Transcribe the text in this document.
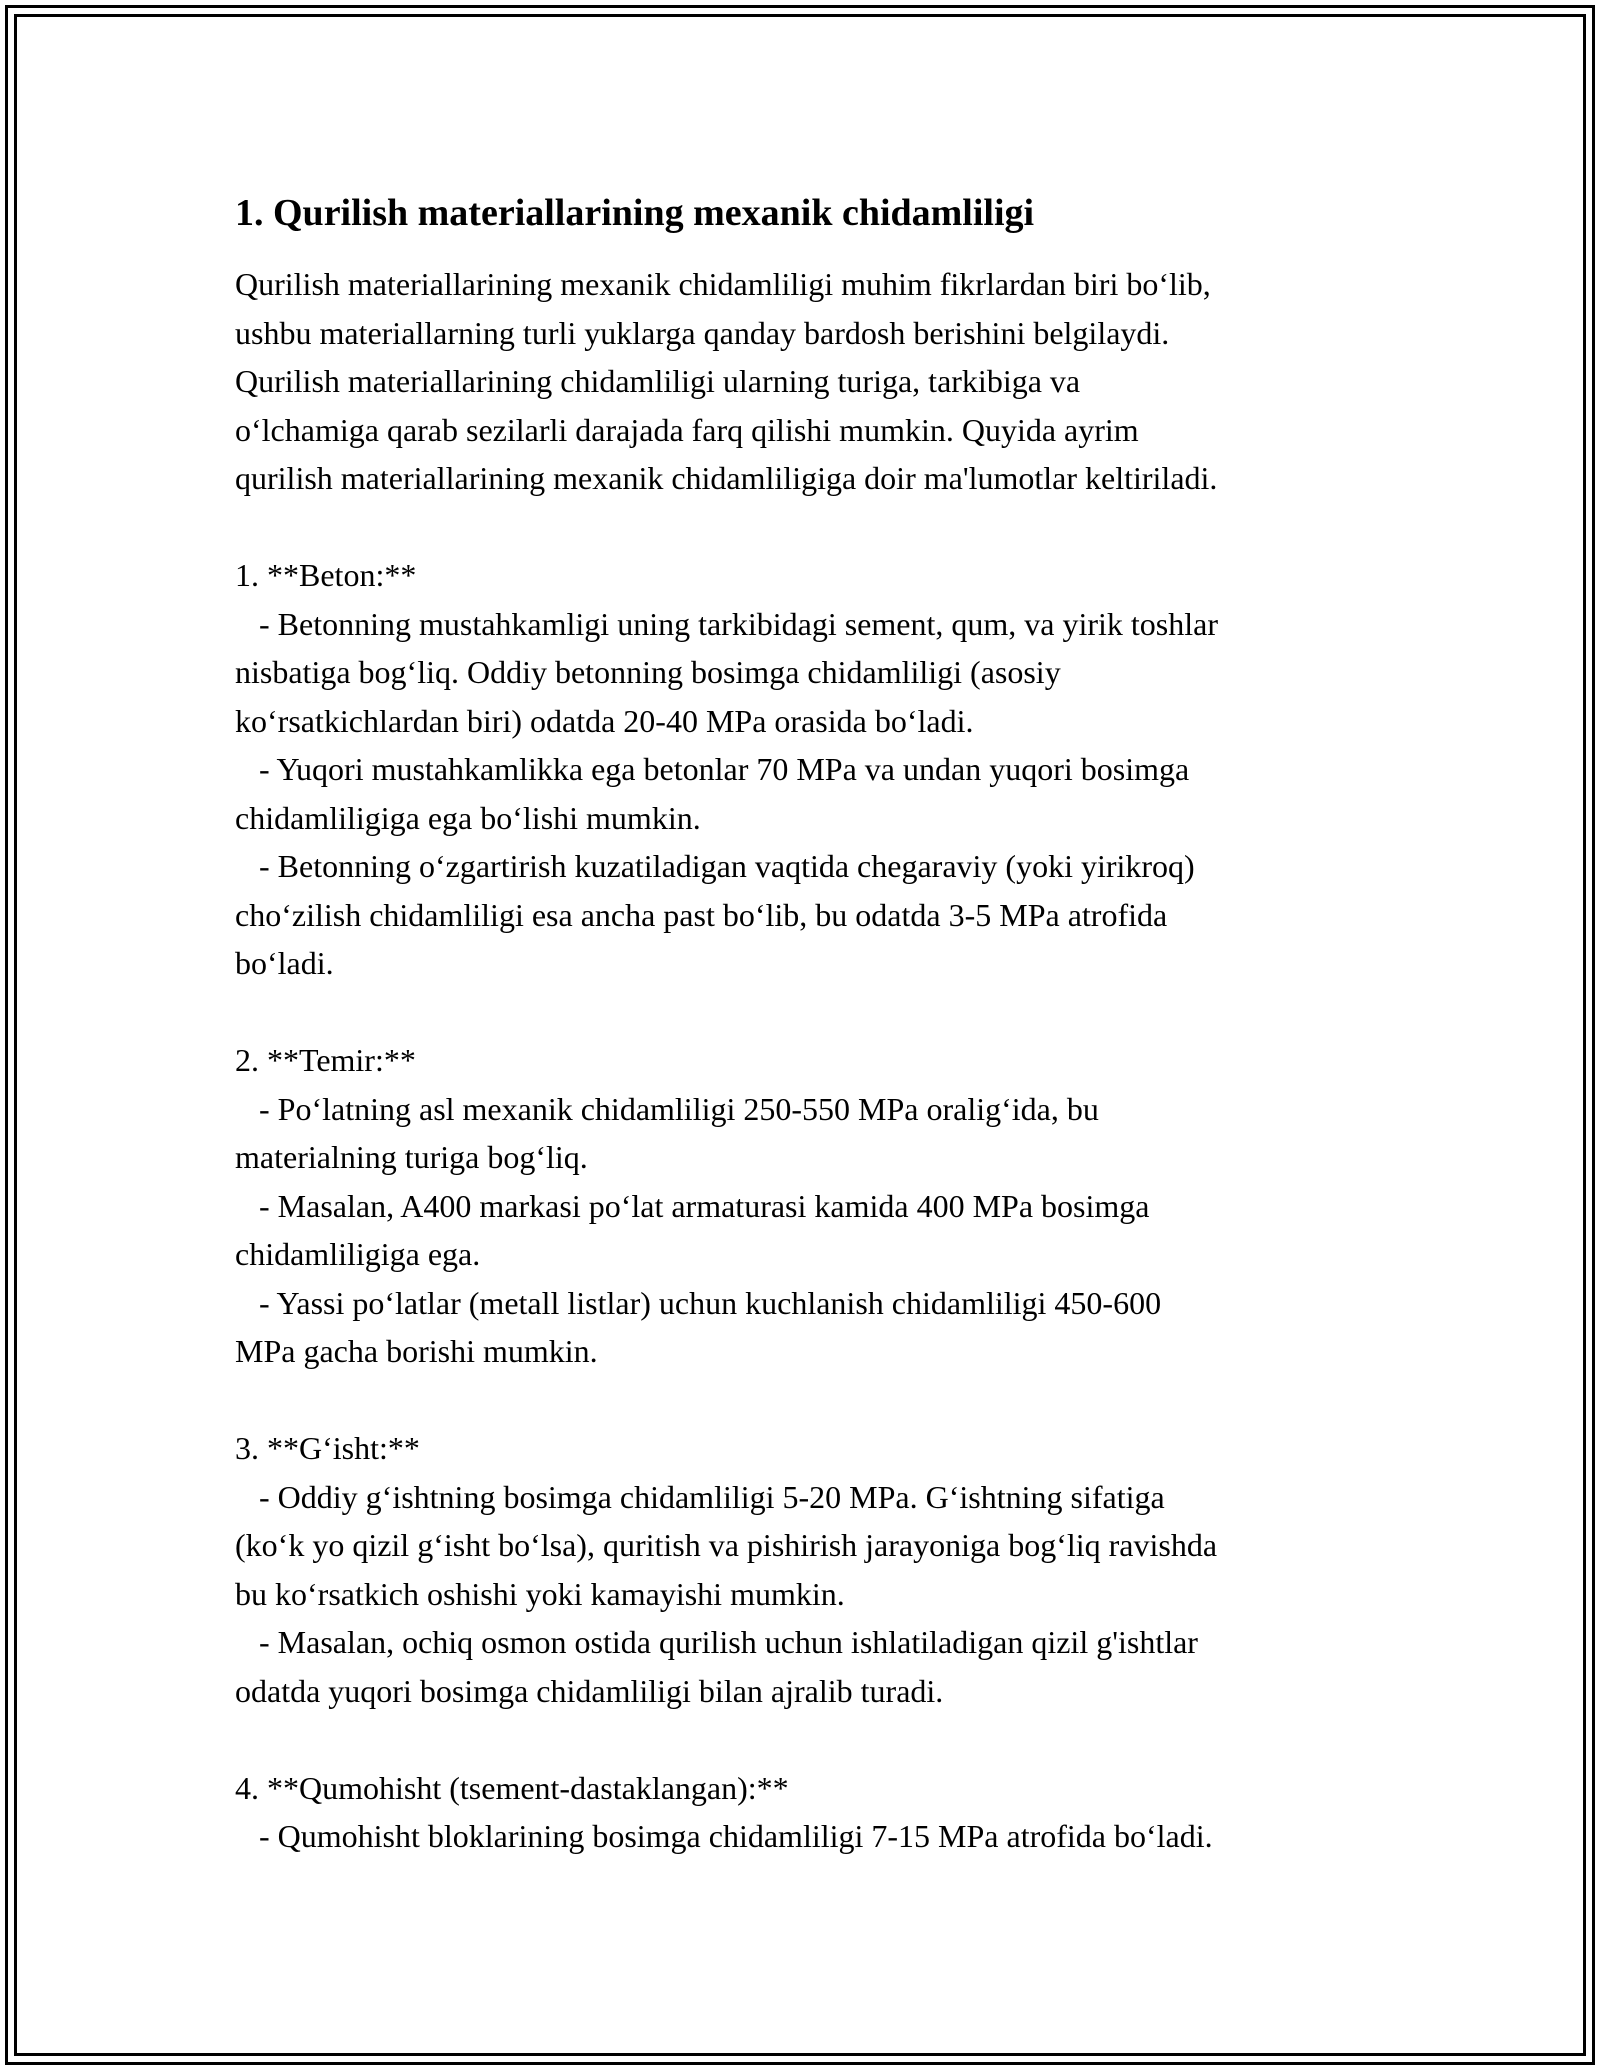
1. Qurilish materiallarining mexanik chidamliligi

Qurilish materiallarining mexanik chidamliligi muhim fikrlardan biri bo‘lib,
ushbu materiallarning turli yuklarga qanday bardosh berishini belgilaydi.
Qurilish materiallarining chidamliligi ularning turiga, tarkibiga va
o‘lchamiga qarab sezilarli darajada farq qilishi mumkin. Quyida ayrim
qurilish materiallarining mexanik chidamliligiga doir ma'lumotlar keltiriladi.

1. **Beton:**
- Betonning mustahkamligi uning tarkibidagi sement, qum, va yirik toshlar
nisbatiga bog‘liq. Oddiy betonning bosimga chidamliligi (asosiy
ko‘rsatkichlardan biri) odatda 20-40 MPa orasida bo‘ladi.
- Yuqori mustahkamlikka ega betonlar 70 MPa va undan yuqori bosimga
chidamliligiga ega bo‘lishi mumkin.
- Betonning o‘zgartirish kuzatiladigan vaqtida chegaraviy (yoki yirikroq)
cho‘zilish chidamliligi esa ancha past bo‘lib, bu odatda 3-5 MPa atrofida
bo‘ladi.

2. **Temir:**
- Po‘latning asl mexanik chidamliligi 250-550 MPa oralig‘ida, bu
materialning turiga bog‘liq.
- Masalan, A400 markasi po‘lat armaturasi kamida 400 MPa bosimga
chidamliligiga ega.
- Yassi po‘latlar (metall listlar) uchun kuchlanish chidamliligi 450-600
MPa gacha borishi mumkin.

3. **G‘isht:**
- Oddiy g‘ishtning bosimga chidamliligi 5-20 MPa. G‘ishtning sifatiga
(ko‘k yo qizil g‘isht bo‘lsa), quritish va pishirish jarayoniga bog‘liq ravishda
bu ko‘rsatkich oshishi yoki kamayishi mumkin.
- Masalan, ochiq osmon ostida qurilish uchun ishlatiladigan qizil g'ishtlar
odatda yuqori bosimga chidamliligi bilan ajralib turadi.

4. **Qumohisht (tsement-dastaklangan):**
- Qumohisht bloklarining bosimga chidamliligi 7-15 MPa atrofida bo‘ladi.
